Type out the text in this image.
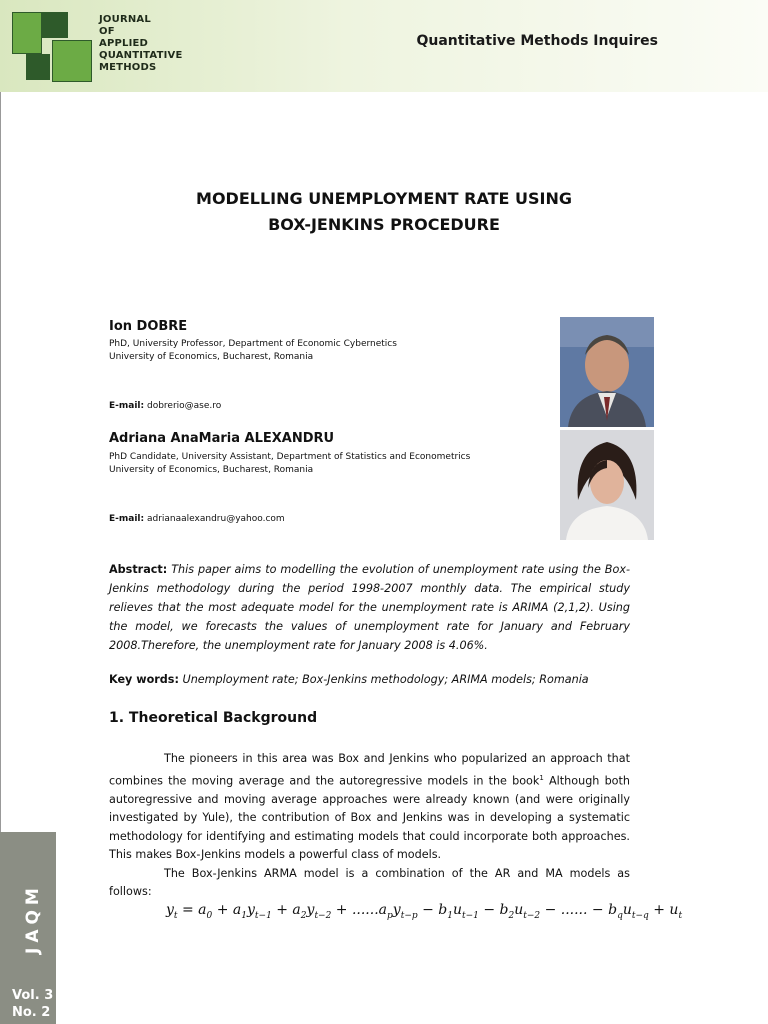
JOURNAL
OF
APPLIED
QUANTITATIVE
METHODS
Quantitative Methods Inquires
MODELLING UNEMPLOYMENT RATE USING
BOX-JENKINS PROCEDURE
Ion DOBRE
PhD, University Professor, Department of Economic Cybernetics
University of Economics, Bucharest, Romania
E-mail: dobrerio@ase.ro
Adriana AnaMaria ALEXANDRU
PhD Candidate, University Assistant, Department of Statistics and Econometrics
University of Economics, Bucharest, Romania
E-mail: adrianaalexandru@yahoo.com
Abstract: This paper aims to modelling the evolution of unemployment rate using the Box-Jenkins methodology during the period 1998-2007 monthly data. The empirical study relieves that the most adequate model for the unemployment rate is ARIMA (2,1,2). Using the model, we forecasts the values of unemployment rate for January and February 2008.Therefore, the unemployment rate for January 2008 is 4.06%.
Key words: Unemployment rate; Box-Jenkins methodology; ARIMA models; Romania
1. Theoretical Background

The pioneers in this area was Box and Jenkins who popularized an approach that combines the moving average and the autoregressive models in the book$^1$ Although both autoregressive and moving average approaches were already known (and were originally investigated by Yule), the contribution of Box and Jenkins was in developing a systematic methodology for identifying and estimating models that could incorporate both approaches. This makes Box-Jenkins models a powerful class of models.

The Box-Jenkins ARMA model is a combination of the AR and MA models as follows:

$y_t = a_0 + a_1y_{t-1} + a_2y_{t-2} + ......a_py_{t-p} - b_1u_{t-1} - b_2u_{t-2}$ − ...... − $b_qu_{t-q} + u_t$
JAQM
Vol. 3
No. 2
